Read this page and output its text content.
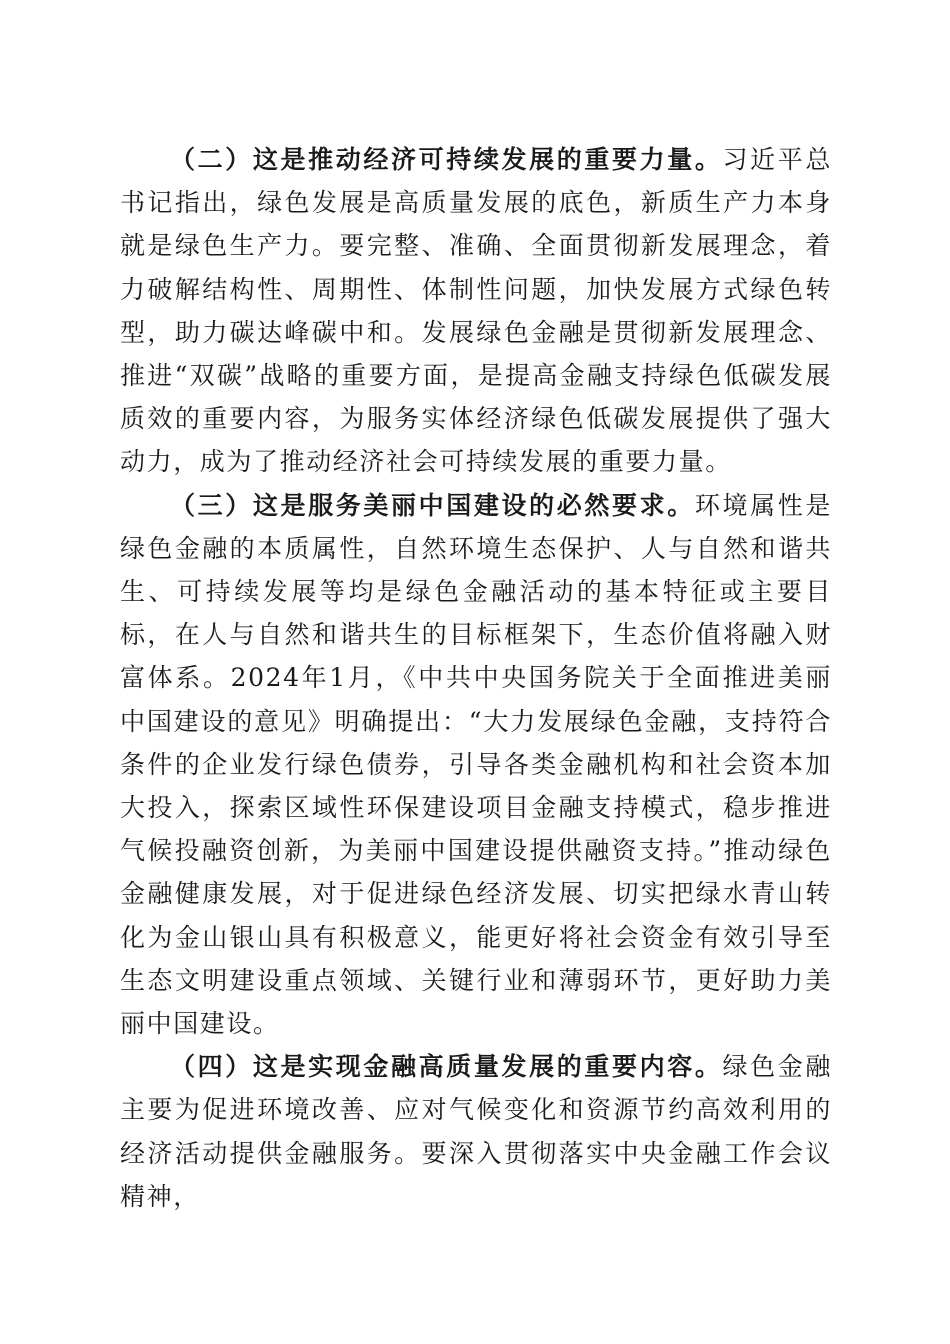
（二）这是推动经济可持续发展的重要力量。习近平总书记指出，绿色发展是高质量发展的底色，新质生产力本身就是绿色生产力。要完整、准确、全面贯彻新发展理念，着力破解结构性、周期性、体制性问题，加快发展方式绿色转型，助力碳达峰碳中和。发展绿色金融是贯彻新发展理念、推进“双碳”战略的重要方面，是提高金融支持绿色低碳发展质效的重要内容，为服务实体经济绿色低碳发展提供了强大动力，成为了推动经济社会可持续发展的重要力量。

（三）这是服务美丽中国建设的必然要求。环境属性是绿色金融的本质属性，自然环境生态保护、人与自然和谐共生、可持续发展等均是绿色金融活动的基本特征或主要目标，在人与自然和谐共生的目标框架下，生态价值将融入财富体系。2024年1月，《中共中央国务院关于全面推进美丽中国建设的意见》明确提出：“大力发展绿色金融，支持符合条件的企业发行绿色债券，引导各类金融机构和社会资本加大投入，探索区域性环保建设项目金融支持模式，稳步推进气候投融资创新，为美丽中国建设提供融资支持。”推动绿色金融健康发展，对于促进绿色经济发展、切实把绿水青山转化为金山银山具有积极意义，能更好将社会资金有效引导至生态文明建设重点领域、关键行业和薄弱环节，更好助力美丽中国建设。

（四）这是实现金融高质量发展的重要内容。绿色金融主要为促进环境改善、应对气候变化和资源节约高效利用的经济活动提供金融服务。要深入贯彻落实中央金融工作会议精神，
